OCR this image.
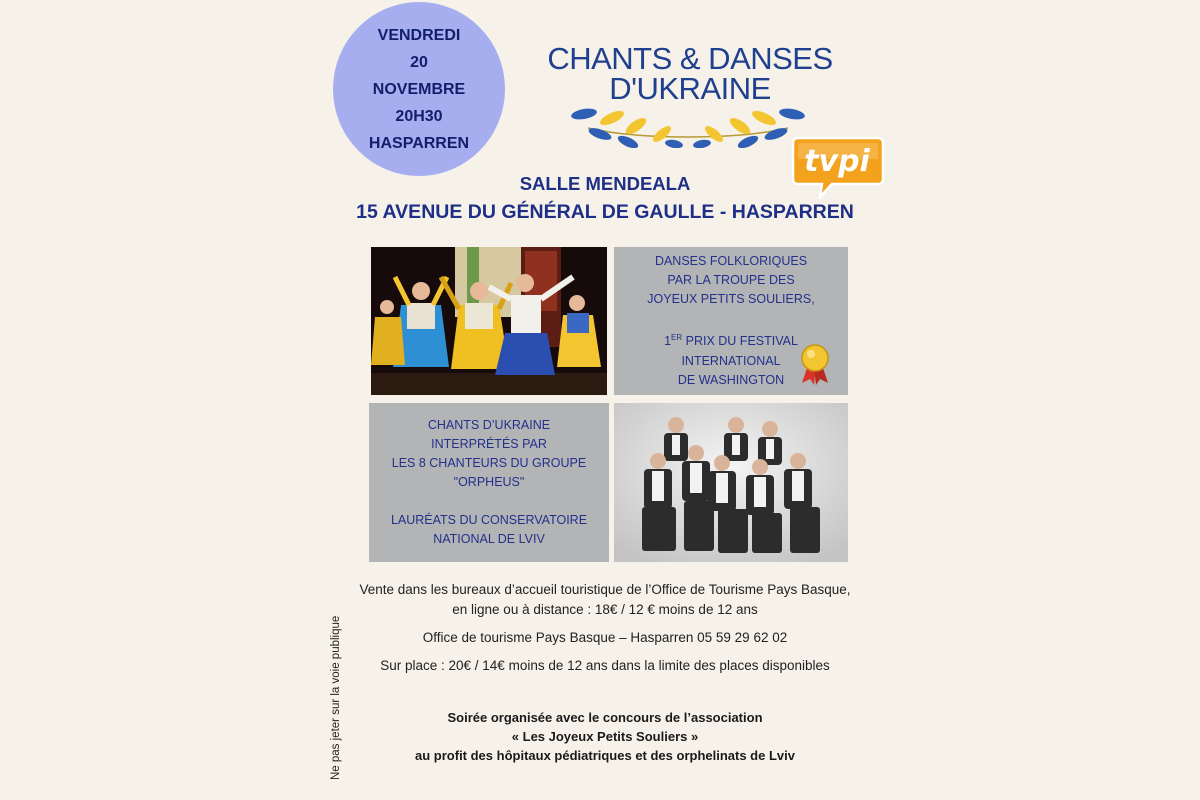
VENDREDI
20
NOVEMBRE
20H30
HASPARREN
CHANTS & DANSES
D'UKRAINE
tvpi
SALLE MENDEALA
15 AVENUE DU GÉNÉRAL DE GAULLE - HASPARREN
DANSES FOLKLORIQUES
PAR LA TROUPE DES
JOYEUX PETITS SOULIERS,
1ER PRIX DU FESTIVAL
INTERNATIONAL
DE WASHINGTON
CHANTS D’UKRAINE
INTERPRÉTÉS PAR
LES 8 CHANTEURS DU GROUPE
"ORPHEUS"
LAURÉATS DU CONSERVATOIRE
NATIONAL DE LVIV
Vente dans les bureaux d’accueil touristique de l’Office de Tourisme Pays Basque,
en ligne ou à distance : 18€ / 12 € moins de 12 ans
Office de tourisme Pays Basque – Hasparren 05 59 29 62 02
Sur place : 20€ / 14€ moins de 12 ans dans la limite des places disponibles
Soirée organisée avec le concours de l’association
« Les Joyeux Petits Souliers »
au profit des hôpitaux pédiatriques et des orphelinats de Lviv
Ne pas jeter sur la voie publique
